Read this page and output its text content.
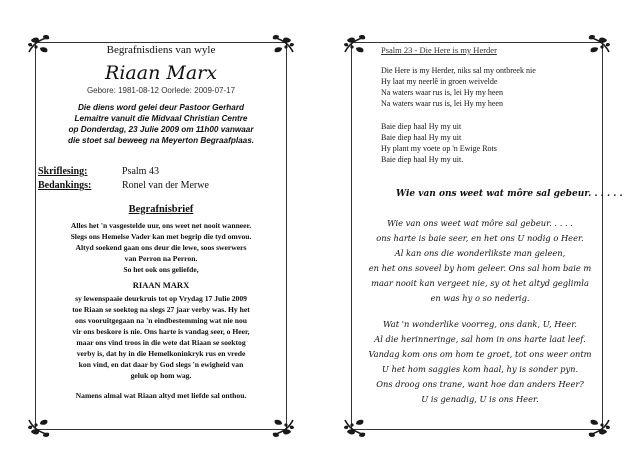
Begrafnisdiens van wyle
Riaan Marx
Gebore: 1981-08-12 Oorlede: 2009-07-17
Die diens word gelei deur Pastoor Gerhard
Lemaitre vanuit die Midvaal Christian Centre
op Donderdag, 23 Julie 2009 om 11h00 vanwaar
die stoet sal beweeg na Meyerton Begraafplaas.
Skriflesing:	Psalm 43
Bedankings:	Ronel van der Merwe
Begrafnisbrief
Alles het 'n vasgestelde uur, ons weet net nooit wanneer.
Slegs ons Hemelse Vader kan met begrip die tyd omvou.
Altyd soekend gaan ons deur die lewe, soos swerwers
van Perron na Perron.
So het ook ons geliefde,
RIAAN MARX
sy lewenspaaie deurkruis tot op Vrydag 17 Julie 2009
toe Riaan se soektog na slegs 27 jaar verby was. Hy het
ons vooruitgegaan na 'n eindbestemming wat nie nou
vir ons beskore is nie. Ons harte is vandag seer, o Heer,
maar ons vind troos in die wete dat Riaan se soektog
verby is, dat hy in die Hemelkoninkryk rus en vrede
kon vind, en dat daar by God slegs 'n ewigheid van
geluk op hom wag.
Namens almal wat Riaan altyd met liefde sal onthou.
Psalm 23 - Die Here is my Herder
Die Here is my Herder, niks sal my ontbreek nie
Hy laat my neerlê in groen weivelde
Na waters waar rus is, lei Hy my heen
Na waters waar rus is, lei Hy my heen
Baie diep haal Hy my uit
Baie diep haal Hy my uit
Hy plant my voete op 'n Ewige Rots
Baie diep haal Hy my uit.
Wie van ons weet wat môre sal gebeur. . . . . .
Wie van ons weet wat môre sal gebeur. . . . .
ons harte is baie seer, en het ons U nodig o Heer.
Al kan ons die wonderlikste man geleen,
en het ons soveel by hom geleer. Ons sal hom baie m
maar nooit kan vergeet nie, sy ot het altyd geglimla
en was hy o so nederig.
Wat 'n wonderlike voorreg, ons dank, U, Heer.
Al die herinneringe, sal hom in ons harte laat leef.
Vandag kom ons om hom te groet, tot ons weer ontm
U het hom saggies kom haal, hy is sonder pyn.
Ons droog ons trane, want hoe dan anders Heer?
U is genadig, U is ons Heer.
